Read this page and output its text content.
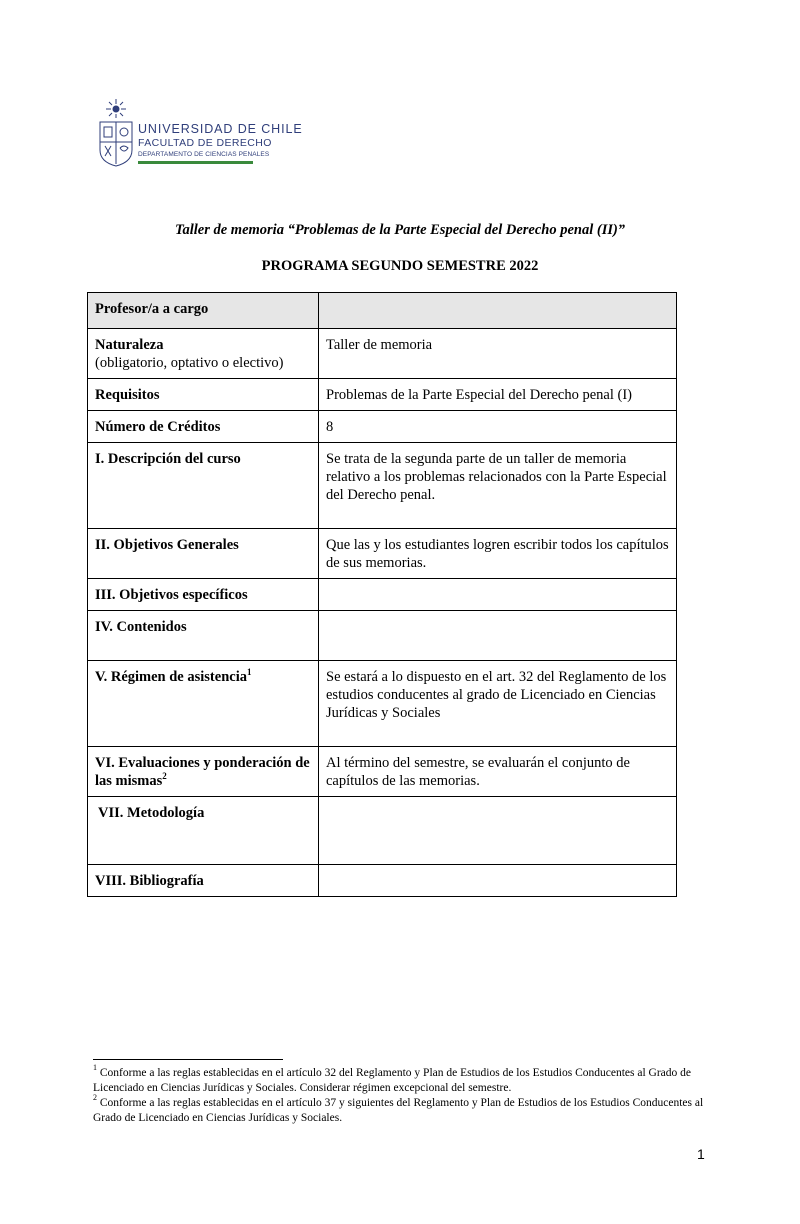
UNIVERSIDAD DE CHILE
FACULTAD DE DERECHO
DEPARTAMENTO DE CIENCIAS PENALES
Taller de memoria “Problemas de la Parte Especial del Derecho penal (II)”
PROGRAMA SEGUNDO SEMESTRE 2022
Profesor/a a cargo	
Naturaleza
(obligatorio, optativo o electivo)	Taller de memoria
Requisitos	Problemas de la Parte Especial del Derecho penal (I)
Número de Créditos	8
I. Descripción del curso	Se trata de la segunda parte de un taller de memoria relativo a los problemas relacionados con la Parte Especial del Derecho penal.
II. Objetivos Generales	Que las y los estudiantes logren escribir todos los capítulos de sus memorias.
III. Objetivos específicos	
IV. Contenidos	
V. Régimen de asistencia$^1$	Se estará a lo dispuesto en el art. 32 del Reglamento de los estudios conducentes al grado de Licenciado en Ciencias Jurídicas y Sociales
VI. Evaluaciones y ponderación de las mismas$^2$	Al término del semestre, se evaluarán el conjunto de capítulos de las memorias.
VII. Metodología	
VIII. Bibliografía	

$^1$ Conforme a las reglas establecidas en el artículo 32 del Reglamento y Plan de Estudios de los Estudios Conducentes al Grado de Licenciado en Ciencias Jurídicas y Sociales. Considerar régimen excepcional del semestre.

$^2$ Conforme a las reglas establecidas en el artículo 37 y siguientes del Reglamento y Plan de Estudios de los Estudios Conducentes al Grado de Licenciado en Ciencias Jurídicas y Sociales.

1
